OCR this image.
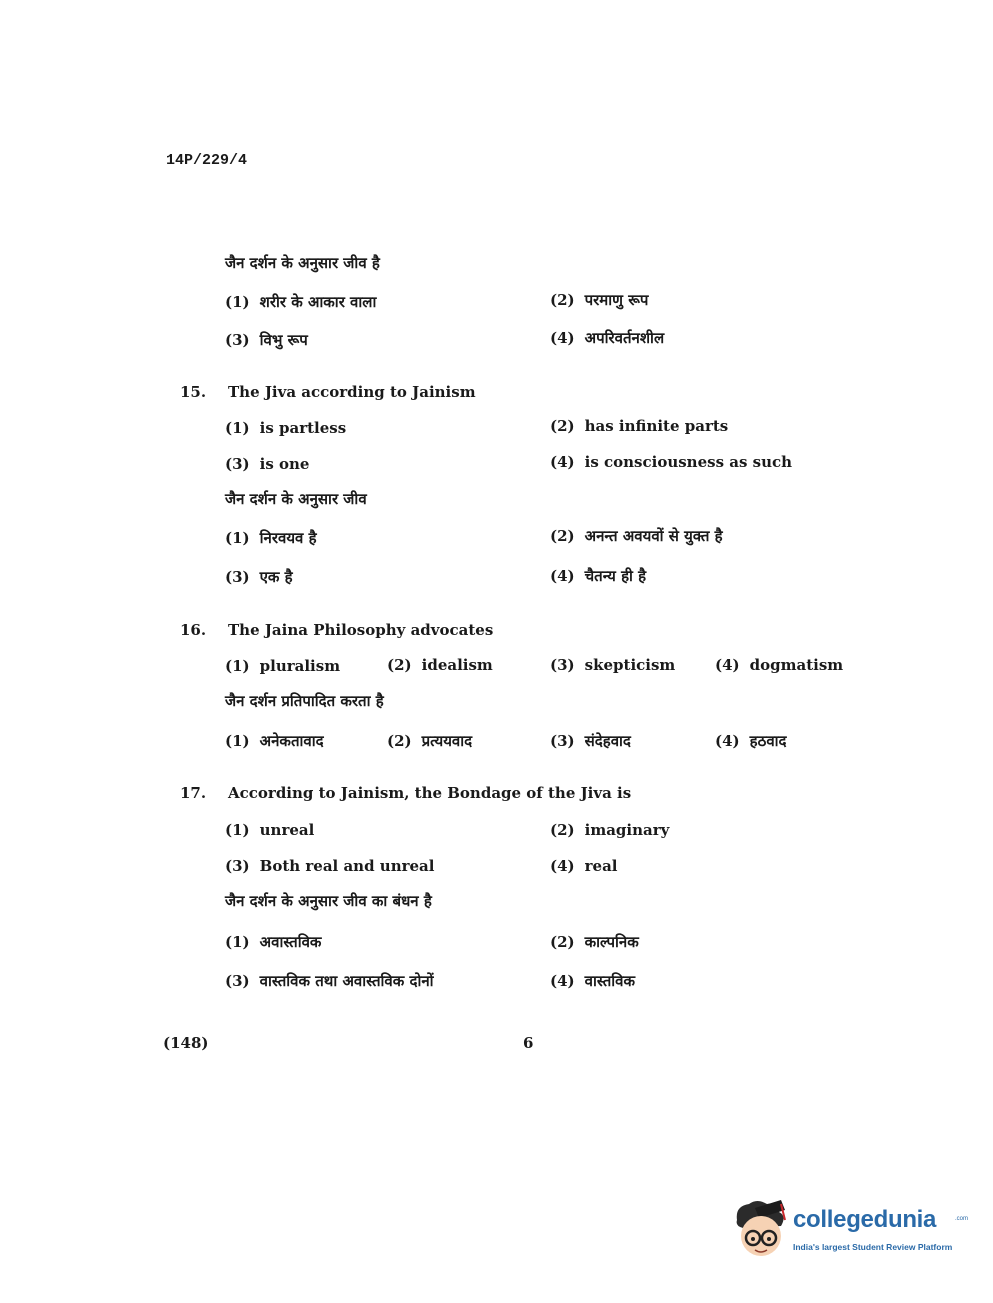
14P/229/4
जैन दर्शन के अनुसार जीव है
(1) शरीर के आकार वाला	(2) परमाणु रूप
(3) विभु रूप	(4) अपरिवर्तनशील
15. The Jiva according to Jainism
(1) is partless	(2) has infinite parts
(3) is one	(4) is consciousness as such
जैन दर्शन के अनुसार जीव
(1) निरवयव है	(2) अनन्त अवयवों से युक्त है
(3) एक है	(4) चैतन्य ही है
16. The Jaina Philosophy advocates
(1) pluralism	(2) idealism	(3) skepticism	(4) dogmatism
जैन दर्शन प्रतिपादित करता है
(1) अनेकतावाद	(2) प्रत्ययवाद	(3) संदेहवाद	(4) हठवाद
17. According to Jainism, the Bondage of the Jiva is
(1) unreal	(2) imaginary
(3) Both real and unreal	(4) real
जैन दर्शन के अनुसार जीव का बंधन है
(1) अवास्तविक	(2) काल्पनिक
(3) वास्तविक तथा अवास्तविक दोनों	(4) वास्तविक
(148)	6
collegedunia	.com
India's largest Student Review Platform
